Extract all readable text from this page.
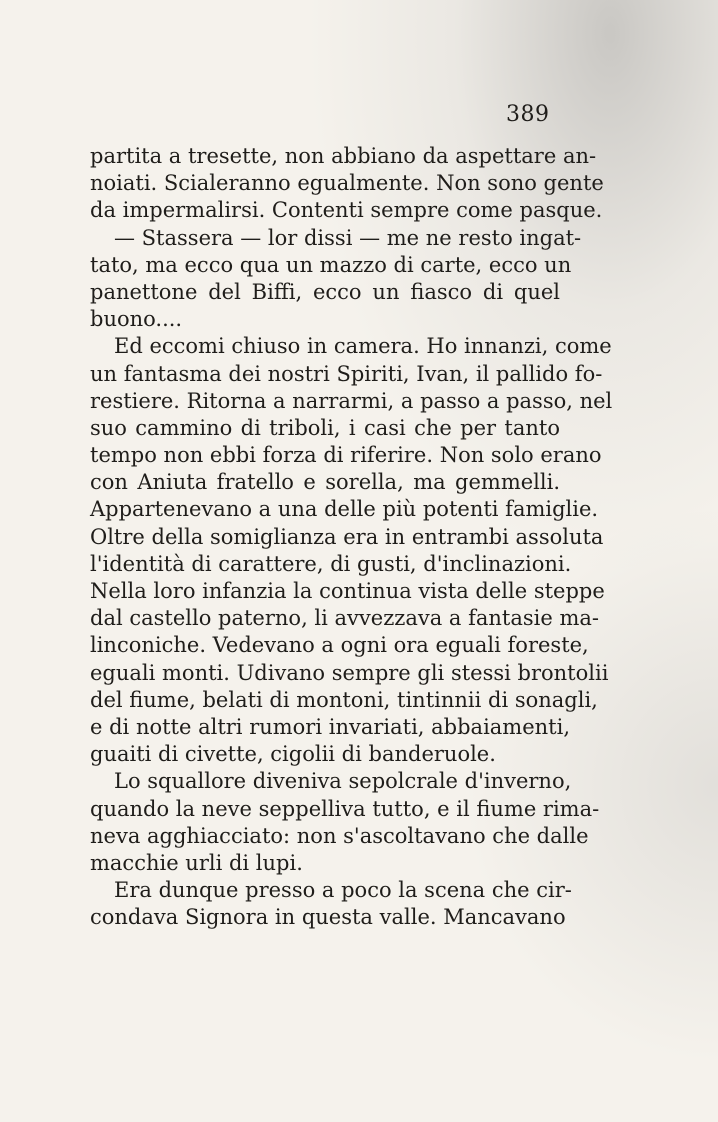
389
partita a tresette, non abbiano da aspettare an-
noiati. Scialeranno egualmente. Non sono gente
da impermalirsi. Contenti sempre come pasque.
— Stassera — lor dissi — me ne resto ingat-
tato, ma ecco qua un mazzo di carte, ecco un
panettone del Biffi, ecco un fiasco di quel
buono....
Ed eccomi chiuso in camera. Ho innanzi, come
un fantasma dei nostri Spiriti, Ivan, il pallido fo-
restiere. Ritorna a narrarmi, a passo a passo, nel
suo cammino di triboli, i casi che per tanto
tempo non ebbi forza di riferire. Non solo erano
con Aniuta fratello e sorella, ma gemmelli.
Appartenevano a una delle più potenti famiglie.
Oltre della somiglianza era in entrambi assoluta
l'identità di carattere, di gusti, d'inclinazioni.
Nella loro infanzia la continua vista delle steppe
dal castello paterno, li avvezzava a fantasie ma-
linconiche. Vedevano a ogni ora eguali foreste,
eguali monti. Udivano sempre gli stessi brontolii
del fiume, belati di montoni, tintinnii di sonagli,
e di notte altri rumori invariati, abbaiamenti,
guaiti di civette, cigolii di banderuole.
Lo squallore diveniva sepolcrale d'inverno,
quando la neve seppelliva tutto, e il fiume rima-
neva agghiacciato: non s'ascoltavano che dalle
macchie urli di lupi.
Era dunque presso a poco la scena che cir-
condava Signora in questa valle. Mancavano
